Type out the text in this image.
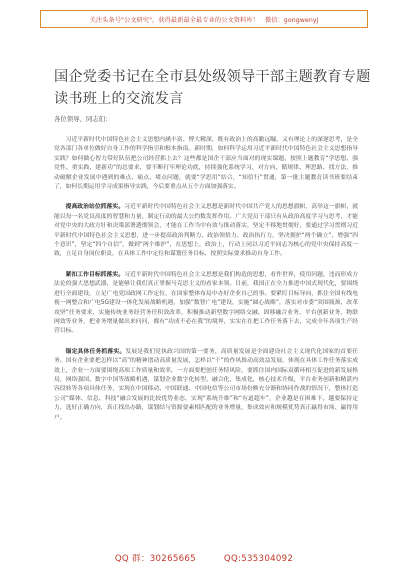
关注头条号"公文研究"，获得最新最全最专业的公文资料库！ 微信：gongwenyj
国企党委书记在全市县处级领导干部主题教育专题读书班上的交流发言
各位领导、同志们：

习近平新时代中国特色社会主义思想内涵丰富、博大精深，既有政治上的高瞻远瞩，又有理论上的深邃思考，是全党各部门各单位做好自身工作的科学指引和根本指南。新时期，如何科学运用习近平新时代中国特色社会主义思想指导实践？如何做心智力带好队伍把公司经营抓上去？这些都是国企干部应当面对的现实课题。按照上题教育“学思想、强党性、重实践、建新功”的总要求，要不断打牢理论功底，持续强化系统学习，对方向、循规律、理思路、找方法，推动破解企业发展中遇到的难点、痛点、堵点问题，就要“学思用”结合，“知信行”贯通，第一批主题教育读书班要结束了，如何长期运用学习成果指导实践，今后要重点从五个方面加强落实。

提高政治站位抓落实。习近平新时代中国特色社会主义思想是新时代中国共产党人的思想旗帜，高举这一旗帜，就能以每一名党员高度的智慧和力量，制定行动的最大公约数发挥作用。广大党员干部只有从政治高度学习与思考，才能对党中央的大政方针和决策部署透彻领会，才能在工作当中有效与推动落实，坚定不移地贯彻好，要通过学习贯彻习近平新时代中国特色社会主义思想，进一步提高政治判断力、政治领悟力、政治执行力，坚决拥护“两个确立”，增强“四个意识”，坚定“四个自信”，做到“两个维护”，在思想上，政治上，行动上同以习近平同志为核心的党中央保持高度一致，立足自身岗位职责，在具体工作中定位和谋划任务目标，按照实际要求推动自身工作。

紧扣工作目标抓落实。习近平新时代中国特色社会主义思想是我们构造的思想，看作世界，使用问题，违而形成方法论的强大思想武器，是能够让我们真正掌握马克思主义的看家本领。目前，我国正在全力推进中国式现代化，要围绕进行全面建设，立足广电党国政网工作定位，在国家整体布局中办好企业自己的事。要紧盯目标导向，抓住全国有线电视一网整合和广电5G建设一体化发展战略机遇，加强“数智广电”建设，实施“圆心战略”，落实对市委“突围瓶颈、改革攻坚”任务要求，实施传统业务经营务任积效改革，积极推动新型数字网络交融、固移融合业务、平台创新业务，物联网效等业务，把业务增量做出来问问，都有“功成不必在我”的境界，实实在在把工作任务落下去，完成全年各项生产经营目标。

锚定具体任务抓落实。发展是我们党执政兴国的第一要务，高质量发展是全面建设社会主义现代化国家的首要任务。国有企业要把怎样以“高”的精神谱动高质量发展，怎样以“干”的作风推动高效益发展，体现在具体工作任务落实成效上，企业一方面要围绕高项工作质量和效率，一方面要把创任务特风险，要抓住国内国际双循环相互促进的新发展格局，网络强国、数字中国等战略机遇，谋划企业数字化转型、融合化、集成化，核心技术升级，平台业务创新和精湛内容段转等各项具体任务，实现在中国移动、中国联通、中国电信等公司市场份额充分渐和协同作战的情况下，整体打造公司“媒体、信息、科技”融合发展的比较优势业态，实现“系统升维”和“有道超车”，企业越是在困难下，越要保持定力，选好正确方向，真正找出办路，谋划结与资源要素相匹配的业务增量，集成效应和规模优势真正赢得市场、赢得用户。

QQ 群：30265665	QQ:535304092
